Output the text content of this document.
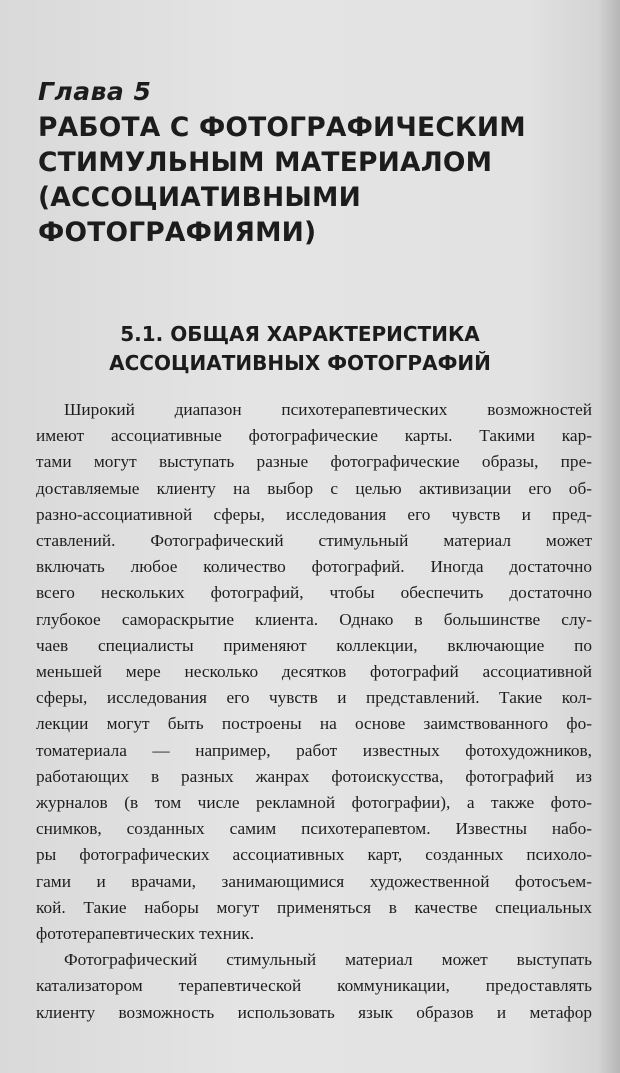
Глава 5
РАБОТА С ФОТОГРАФИЧЕСКИМ
СТИМУЛЬНЫМ МАТЕРИАЛОМ
(АССОЦИАТИВНЫМИ
ФОТОГРАФИЯМИ)
5.1. ОБЩАЯ ХАРАКТЕРИСТИКА
АССОЦИАТИВНЫХ ФОТОГРАФИЙ
Широкий диапазон психотерапевтических возможностей
имеют ассоциативные фотографические карты. Такими кар-
тами могут выступать разные фотографические образы, пре-
доставляемые клиенту на выбор с целью активизации его об-
разно-ассоциативной сферы, исследования его чувств и пред-
ставлений. Фотографический стимульный материал может
включать любое количество фотографий. Иногда достаточно
всего нескольких фотографий, чтобы обеспечить достаточно
глубокое самораскрытие клиента. Однако в большинстве слу-
чаев специалисты применяют коллекции, включающие по
меньшей мере несколько десятков фотографий ассоциативной
сферы, исследования его чувств и представлений. Такие кол-
лекции могут быть построены на основе заимствованного фо-
томатериала — например, работ известных фотохудожников,
работающих в разных жанрах фотоискусства, фотографий из
журналов (в том числе рекламной фотографии), а также фото-
снимков, созданных самим психотерапевтом. Известны набо-
ры фотографических ассоциативных карт, созданных психоло-
гами и врачами, занимающимися художественной фотосъем-
кой. Такие наборы могут применяться в качестве специальных
фототерапевтических техник.
Фотографический стимульный материал может выступать
катализатором терапевтической коммуникации, предоставлять
клиенту возможность использовать язык образов и метафор
